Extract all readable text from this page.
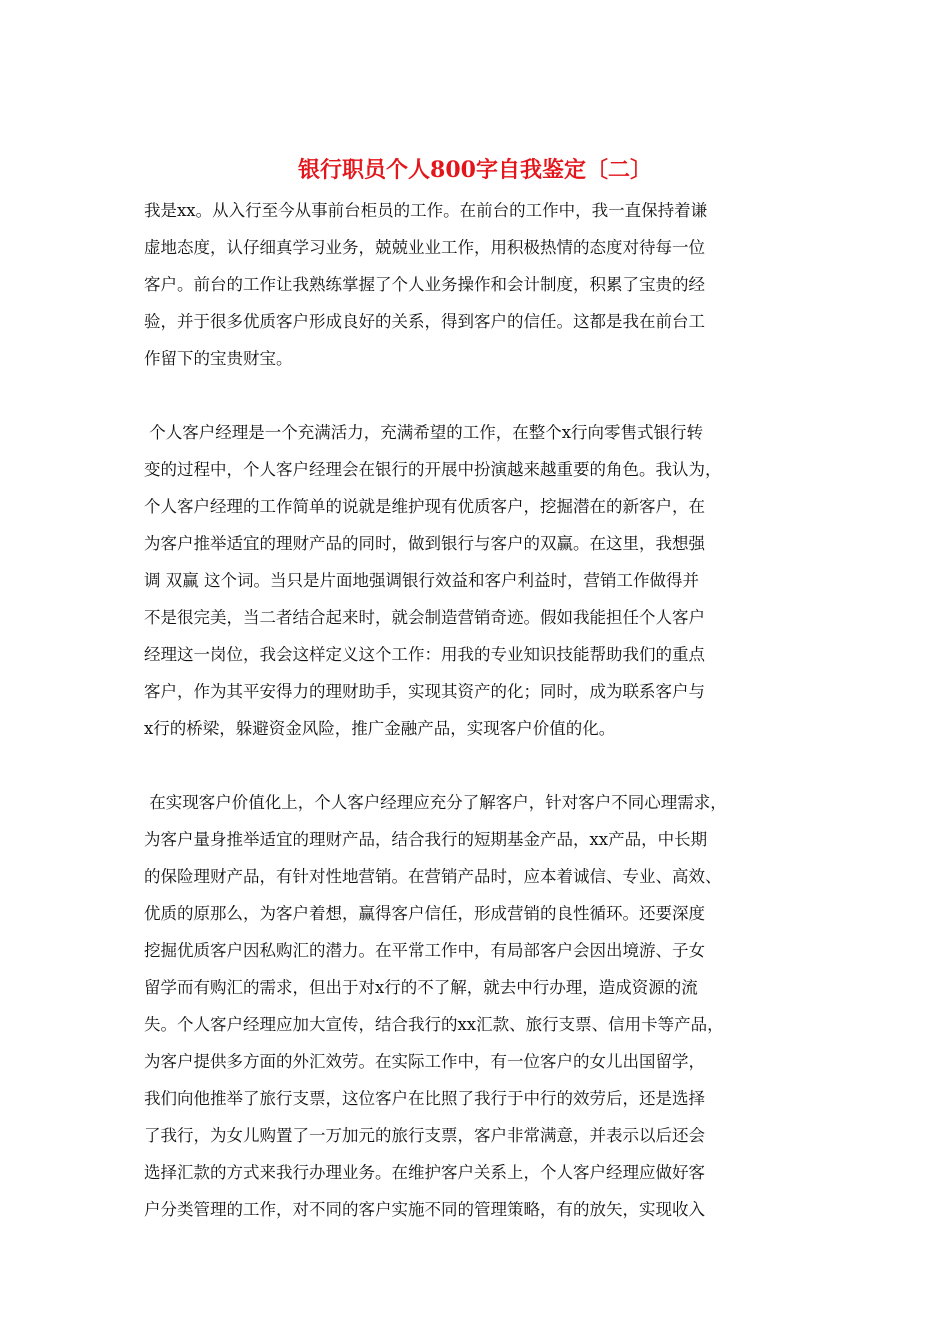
银行职员个人800字自我鉴定〔二〕
我是xx。从入行至今从事前台柜员的工作。在前台的工作中，我一直保持着谦
虚地态度，认仔细真学习业务，兢兢业业工作，用积极热情的态度对待每一位
客户。前台的工作让我熟练掌握了个人业务操作和会计制度，积累了宝贵的经
验，并于很多优质客户形成良好的关系，得到客户的信任。这都是我在前台工
作留下的宝贵财宝。
个人客户经理是一个充满活力，充满希望的工作，在整个x行向零售式银行转
变的过程中，个人客户经理会在银行的开展中扮演越来越重要的角色。我认为，
个人客户经理的工作简单的说就是维护现有优质客户，挖掘潜在的新客户，在
为客户推举适宜的理财产品的同时，做到银行与客户的双赢。在这里，我想强
调 双赢 这个词。当只是片面地强调银行效益和客户利益时，营销工作做得并
不是很完美，当二者结合起来时，就会制造营销奇迹。假如我能担任个人客户
经理这一岗位，我会这样定义这个工作：用我的专业知识技能帮助我们的重点
客户，作为其平安得力的理财助手，实现其资产的化；同时，成为联系客户与
x行的桥梁，躲避资金风险，推广金融产品，实现客户价值的化。
在实现客户价值化上，个人客户经理应充分了解客户，针对客户不同心理需求，
为客户量身推举适宜的理财产品，结合我行的短期基金产品，xx产品，中长期
的保险理财产品，有针对性地营销。在营销产品时，应本着诚信、专业、高效、
优质的原那么，为客户着想，赢得客户信任，形成营销的良性循环。还要深度
挖掘优质客户因私购汇的潜力。在平常工作中，有局部客户会因出境游、子女
留学而有购汇的需求，但出于对x行的不了解，就去中行办理，造成资源的流
失。个人客户经理应加大宣传，结合我行的xx汇款、旅行支票、信用卡等产品，
为客户提供多方面的外汇效劳。在实际工作中，有一位客户的女儿出国留学，
我们向他推举了旅行支票，这位客户在比照了我行于中行的效劳后，还是选择
了我行，为女儿购置了一万加元的旅行支票，客户非常满意，并表示以后还会
选择汇款的方式来我行办理业务。在维护客户关系上，个人客户经理应做好客
户分类管理的工作，对不同的客户实施不同的管理策略，有的放矢，实现收入
